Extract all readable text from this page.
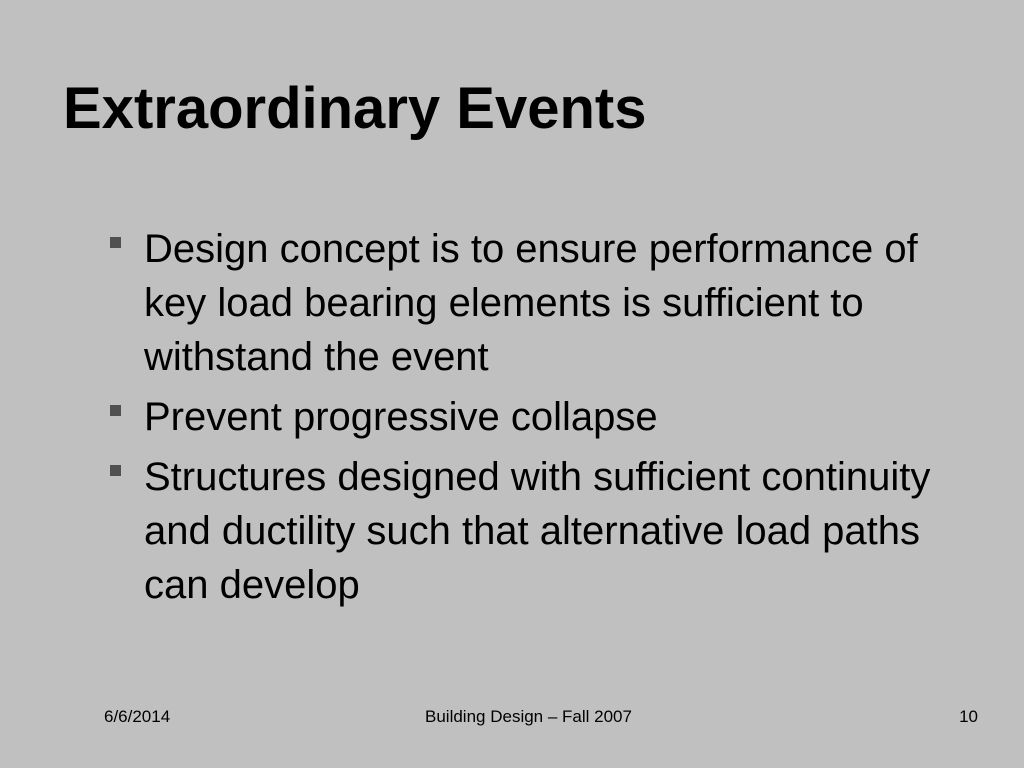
Extraordinary Events
Design concept is to ensure performance of key load bearing elements is sufficient to withstand the event
Prevent progressive collapse
Structures designed with sufficient continuity and ductility such that alternative load paths can develop
6/6/2014	Building Design – Fall 2007	10
